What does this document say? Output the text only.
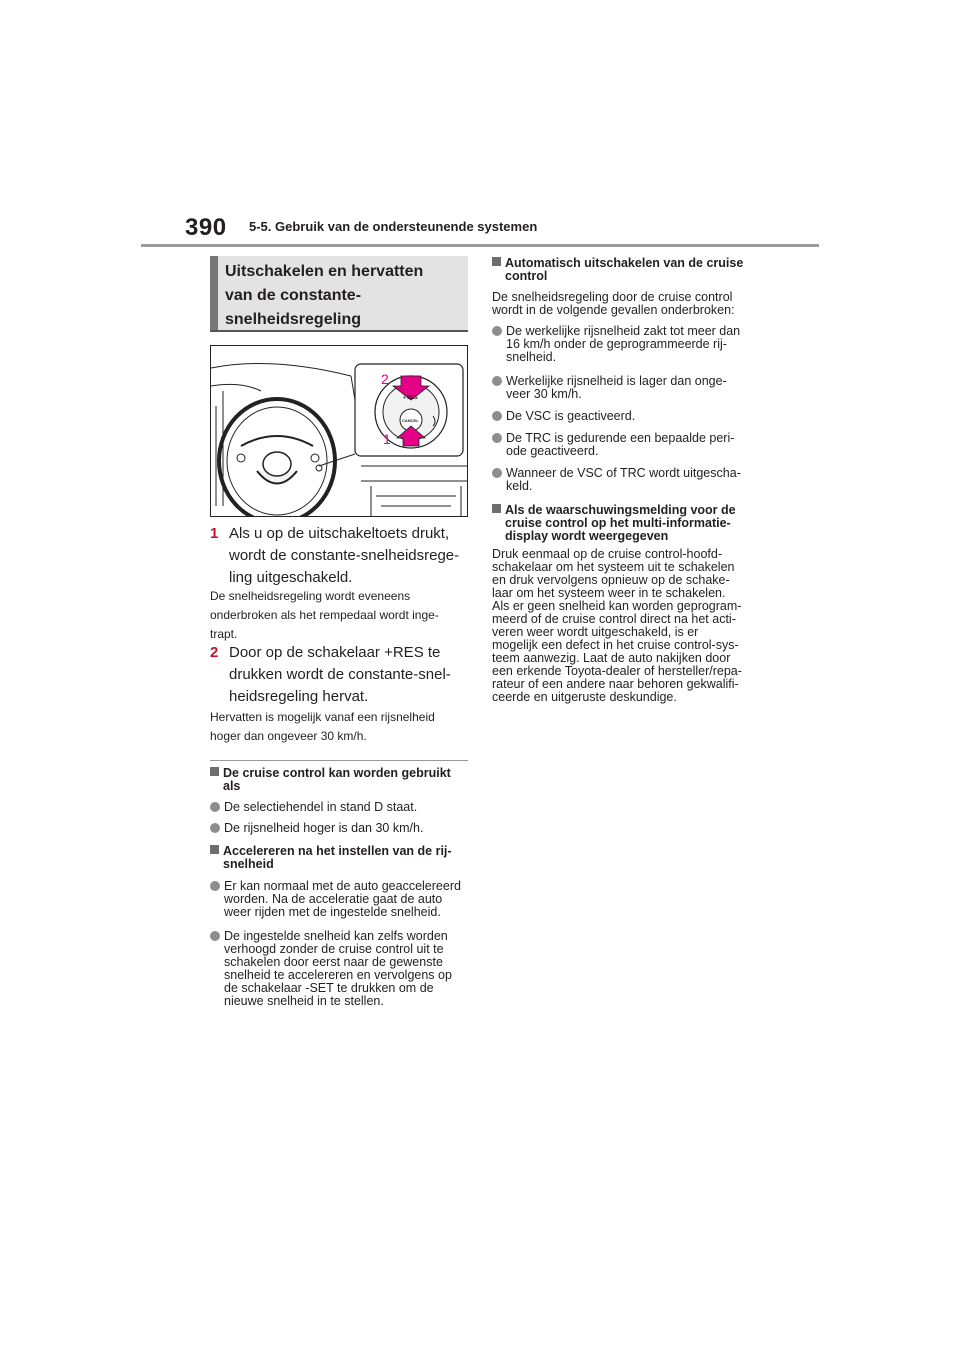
390 5-5. Gebruik van de ondersteunende systemen
Uitschakelen en hervatten
van de constante-
snelheidsregeling
2
1
+ RES
CANCEL
1 Als u op de uitschakeltoets drukt,
wordt de constante-snelheidsrege-
ling uitgeschakeld.
De snelheidsregeling wordt eveneens
onderbroken als het rempedaal wordt inge-
trapt.
2 Door op de schakelaar +RES te
drukken wordt de constante-snel-
heidsregeling hervat.
Hervatten is mogelijk vanaf een rijsnelheid
hoger dan ongeveer 30 km/h.
De cruise control kan worden gebruikt
als
De selectiehendel in stand D staat.
De rijsnelheid hoger is dan 30 km/h.
Accelereren na het instellen van de rij-
snelheid
Er kan normaal met de auto geaccelereerd
worden. Na de acceleratie gaat de auto
weer rijden met de ingestelde snelheid.
De ingestelde snelheid kan zelfs worden
verhoogd zonder de cruise control uit te
schakelen door eerst naar de gewenste
snelheid te accelereren en vervolgens op
de schakelaar -SET te drukken om de
nieuwe snelheid in te stellen.
Automatisch uitschakelen van de cruise
control
De snelheidsregeling door de cruise control
wordt in de volgende gevallen onderbroken:
De werkelijke rijsnelheid zakt tot meer dan
16 km/h onder de geprogrammeerde rij-
snelheid.
Werkelijke rijsnelheid is lager dan onge-
veer 30 km/h.
De VSC is geactiveerd.
De TRC is gedurende een bepaalde peri-
ode geactiveerd.
Wanneer de VSC of TRC wordt uitgescha-
keld.
Als de waarschuwingsmelding voor de
cruise control op het multi-informatie-
display wordt weergegeven
Druk eenmaal op de cruise control-hoofd-
schakelaar om het systeem uit te schakelen
en druk vervolgens opnieuw op de schake-
laar om het systeem weer in te schakelen.
Als er geen snelheid kan worden geprogram-
meerd of de cruise control direct na het acti-
veren weer wordt uitgeschakeld, is er
mogelijk een defect in het cruise control-sys-
teem aanwezig. Laat de auto nakijken door
een erkende Toyota-dealer of hersteller/repa-
rateur of een andere naar behoren gekwalifi-
ceerde en uitgeruste deskundige.
